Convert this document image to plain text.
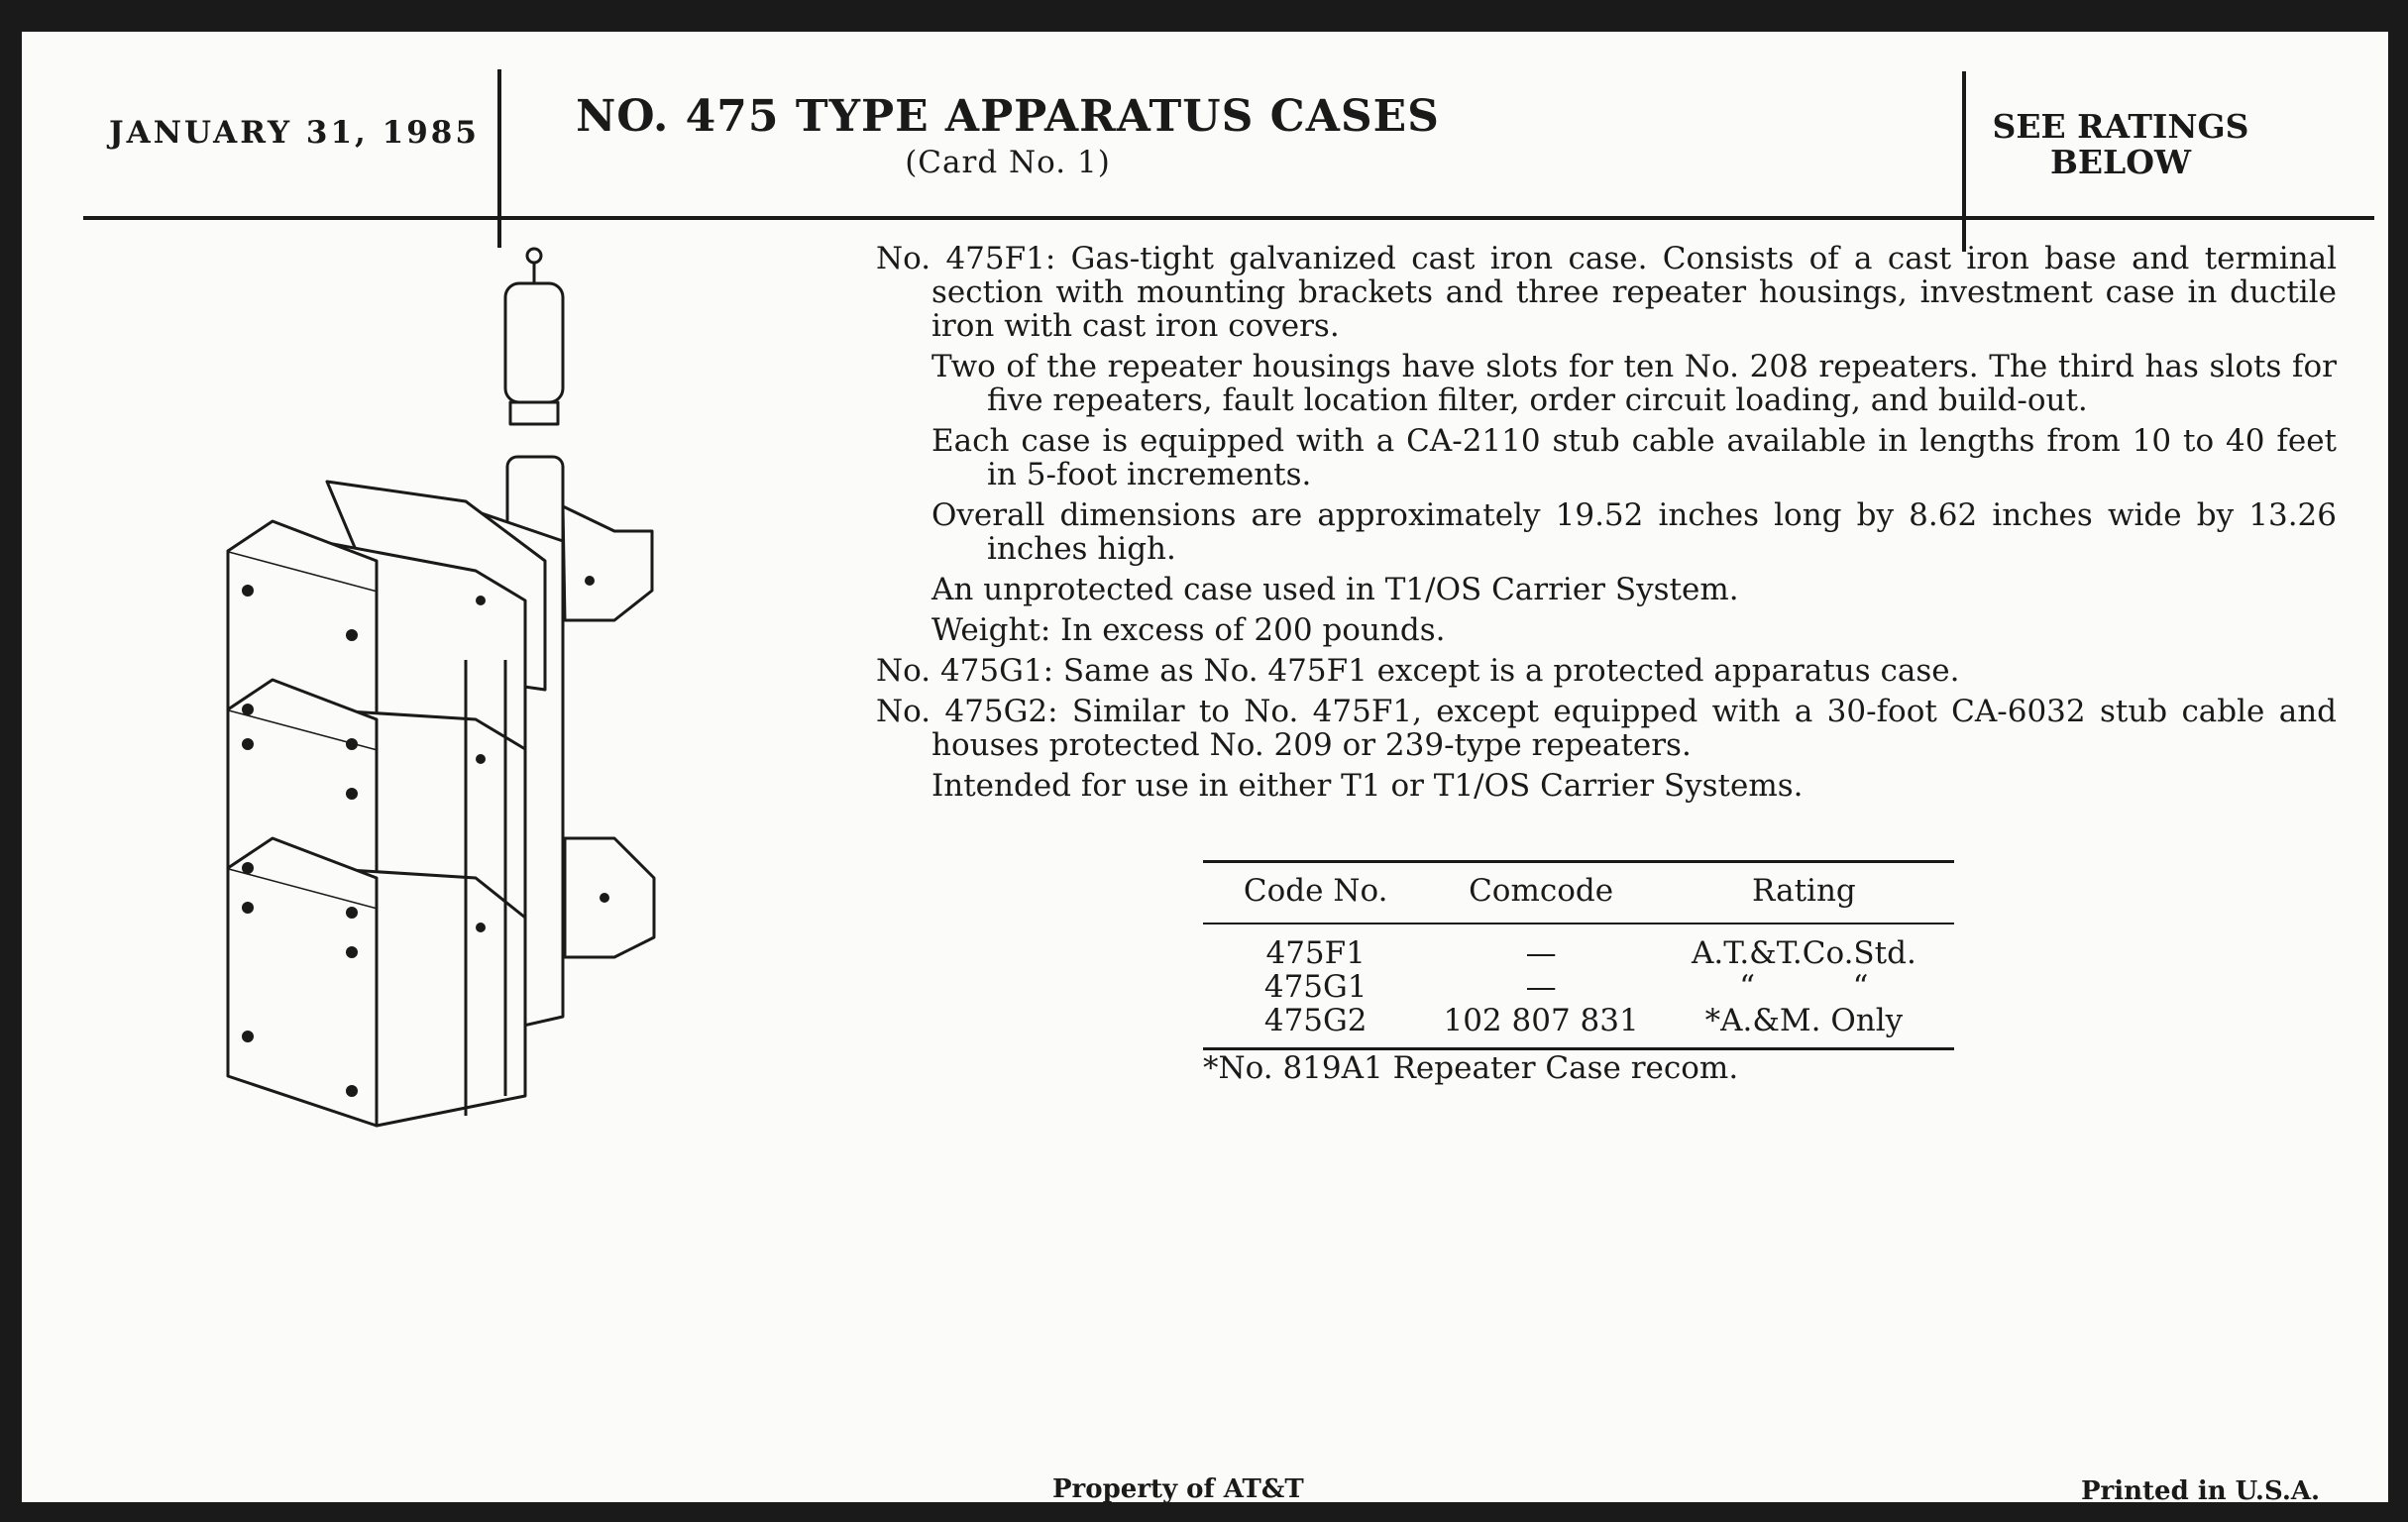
JANUARY 31, 1985	NO. 475 TYPE APPARATUS CASES
(Card No. 1)
SEE RATINGS BELOW

No. 475F1: Gas-tight galvanized cast iron case. Consists of a cast iron base and terminal section with mounting brackets and three repeater housings, investment case in ductile iron with cast iron covers.

Two of the repeater housings have slots for ten No. 208 repeaters. The third has slots for five repeaters, fault location filter, order circuit loading, and build-out.

Each case is equipped with a CA-2110 stub cable available in lengths from 10 to 40 feet in 5-foot increments.

Overall dimensions are approximately 19.52 inches long by 8.62 inches wide by 13.26 inches high.

An unprotected case used in T1/OS Carrier System.

Weight: In excess of 200 pounds.

No. 475G1: Same as No. 475F1 except is a protected apparatus case.

No. 475G2: Similar to No. 475F1, except equipped with a 30-foot CA-6032 stub cable and houses protected No. 209 or 239-type repeaters.

Intended for use in either T1 or T1/OS Carrier Systems.

Code No.	Comcode	Rating
475F1	—	A.T.&T.Co.Std.
475G1	—	“          “
475G2	102 807 831	*A.&M. Only
*No. 819A1 Repeater Case recom.
Property of AT&T	Printed in U.S.A.
